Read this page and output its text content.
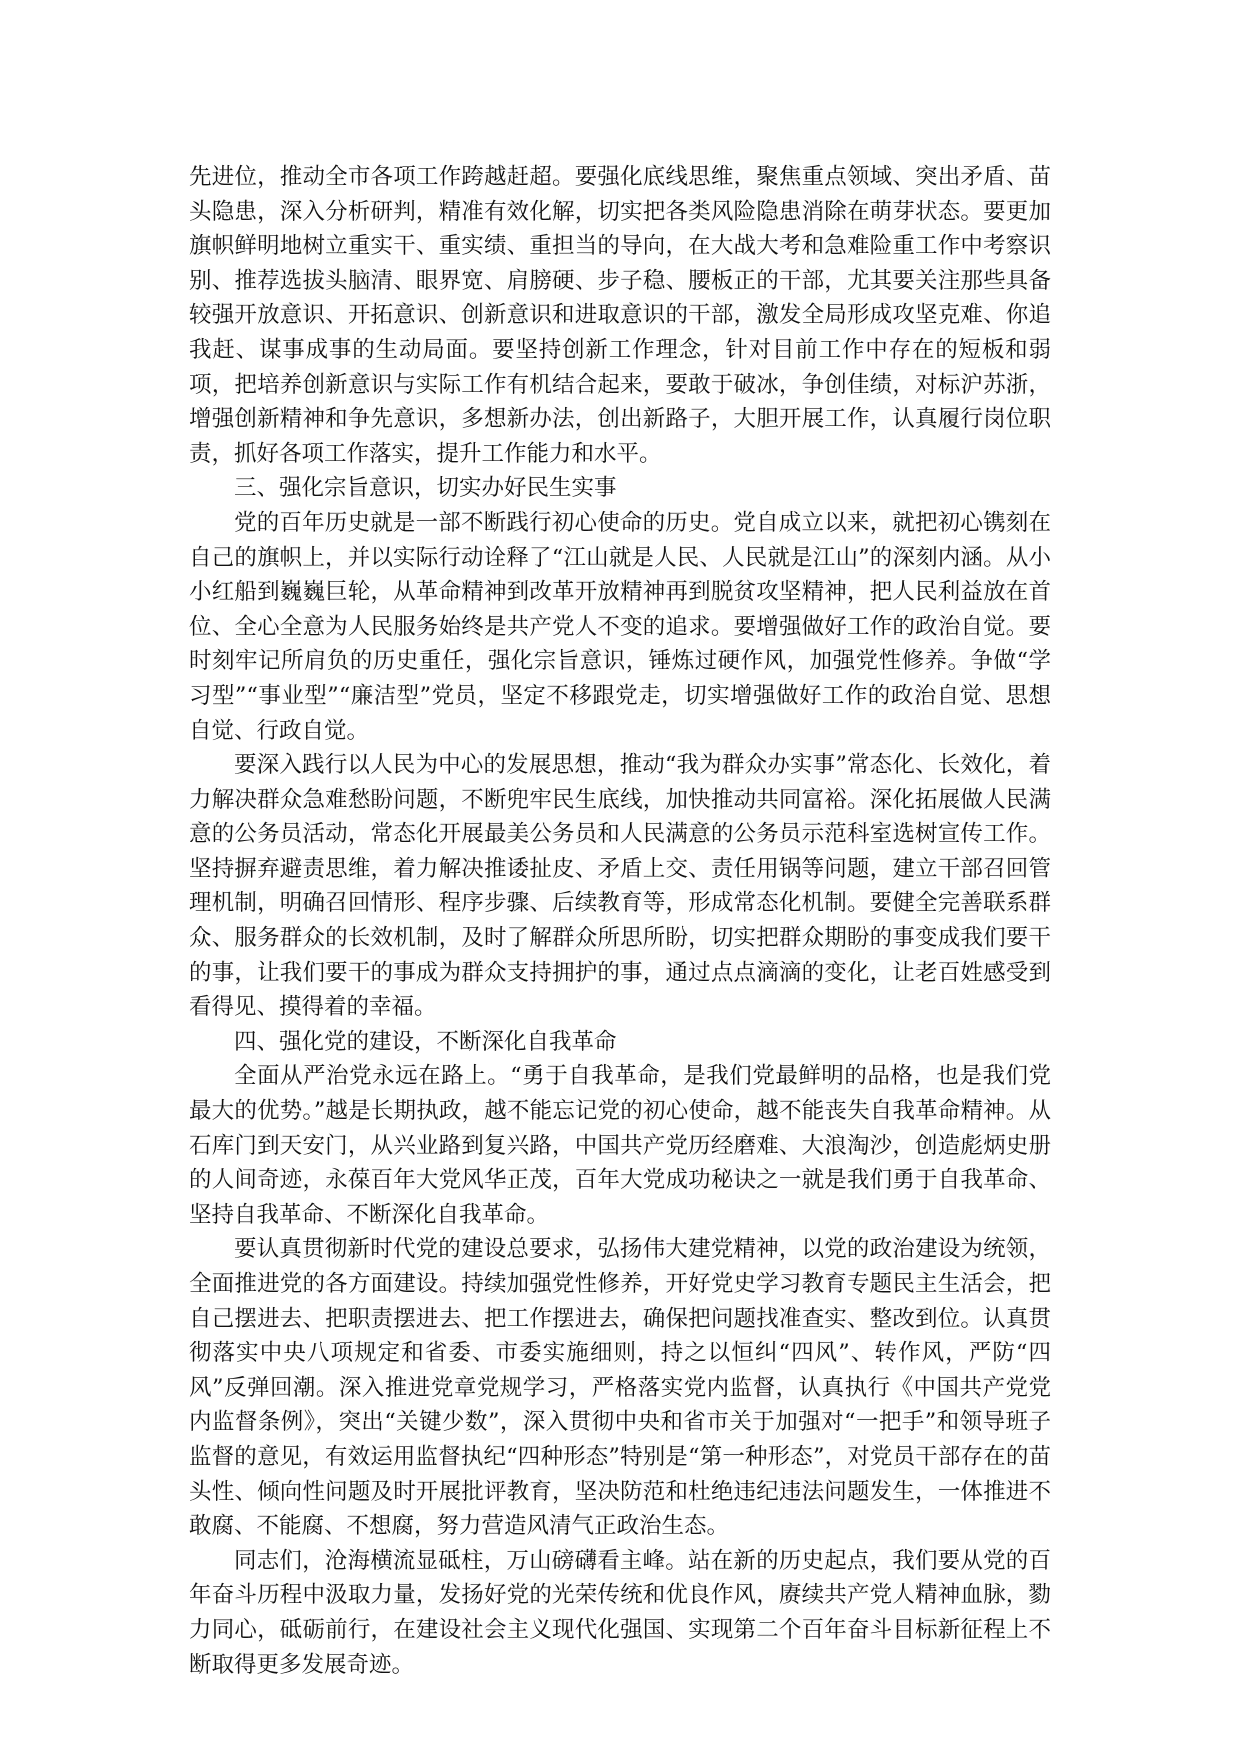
先进位，推动全市各项工作跨越赶超。要强化底线思维，聚焦重点领域、突出矛盾、苗头隐患，深入分析研判，精准有效化解，切实把各类风险隐患消除在萌芽状态。要更加旗帜鲜明地树立重实干、重实绩、重担当的导向，在大战大考和急难险重工作中考察识别、推荐选拔头脑清、眼界宽、肩膀硬、步子稳、腰板正的干部，尤其要关注那些具备较强开放意识、开拓意识、创新意识和进取意识的干部，激发全局形成攻坚克难、你追我赶、谋事成事的生动局面。要坚持创新工作理念，针对目前工作中存在的短板和弱项，把培养创新意识与实际工作有机结合起来，要敢于破冰，争创佳绩，对标沪苏浙，增强创新精神和争先意识，多想新办法，创出新路子，大胆开展工作，认真履行岗位职责，抓好各项工作落实，提升工作能力和水平。

三、强化宗旨意识，切实办好民生实事

党的百年历史就是一部不断践行初心使命的历史。党自成立以来，就把初心镌刻在自己的旗帜上，并以实际行动诠释了“江山就是人民、人民就是江山”的深刻内涵。从小小红船到巍巍巨轮，从革命精神到改革开放精神再到脱贫攻坚精神，把人民利益放在首位、全心全意为人民服务始终是共产党人不变的追求。要增强做好工作的政治自觉。要时刻牢记所肩负的历史重任，强化宗旨意识，锤炼过硬作风，加强党性修养。争做“学习型”“事业型”“廉洁型”党员，坚定不移跟党走，切实增强做好工作的政治自觉、思想自觉、行政自觉。

要深入践行以人民为中心的发展思想，推动“我为群众办实事”常态化、长效化，着力解决群众急难愁盼问题，不断兜牢民生底线，加快推动共同富裕。深化拓展做人民满意的公务员活动，常态化开展最美公务员和人民满意的公务员示范科室选树宣传工作。坚持摒弃避责思维，着力解决推诿扯皮、矛盾上交、责任用锅等问题，建立干部召回管理机制，明确召回情形、程序步骤、后续教育等，形成常态化机制。要健全完善联系群众、服务群众的长效机制，及时了解群众所思所盼，切实把群众期盼的事变成我们要干的事，让我们要干的事成为群众支持拥护的事，通过点点滴滴的变化，让老百姓感受到看得见、摸得着的幸福。

四、强化党的建设，不断深化自我革命

全面从严治党永远在路上。“勇于自我革命，是我们党最鲜明的品格，也是我们党最大的优势。”越是长期执政，越不能忘记党的初心使命，越不能丧失自我革命精神。从石库门到天安门，从兴业路到复兴路，中国共产党历经磨难、大浪淘沙，创造彪炳史册的人间奇迹，永葆百年大党风华正茂，百年大党成功秘诀之一就是我们勇于自我革命、坚持自我革命、不断深化自我革命。

要认真贯彻新时代党的建设总要求，弘扬伟大建党精神，以党的政治建设为统领，全面推进党的各方面建设。持续加强党性修养，开好党史学习教育专题民主生活会，把自己摆进去、把职责摆进去、把工作摆进去，确保把问题找准查实、整改到位。认真贯彻落实中央八项规定和省委、市委实施细则，持之以恒纠“四风”、转作风，严防“四风”反弹回潮。深入推进党章党规学习，严格落实党内监督，认真执行《中国共产党党内监督条例》，突出“关键少数”，深入贯彻中央和省市关于加强对“一把手”和领导班子监督的意见，有效运用监督执纪“四种形态”特别是“第一种形态”，对党员干部存在的苗头性、倾向性问题及时开展批评教育，坚决防范和杜绝违纪违法问题发生，一体推进不敢腐、不能腐、不想腐，努力营造风清气正政治生态。

同志们，沧海横流显砥柱，万山磅礴看主峰。站在新的历史起点，我们要从党的百年奋斗历程中汲取力量，发扬好党的光荣传统和优良作风，赓续共产党人精神血脉，勠力同心，砥砺前行，在建设社会主义现代化强国、实现第二个百年奋斗目标新征程上不断取得更多发展奇迹。
